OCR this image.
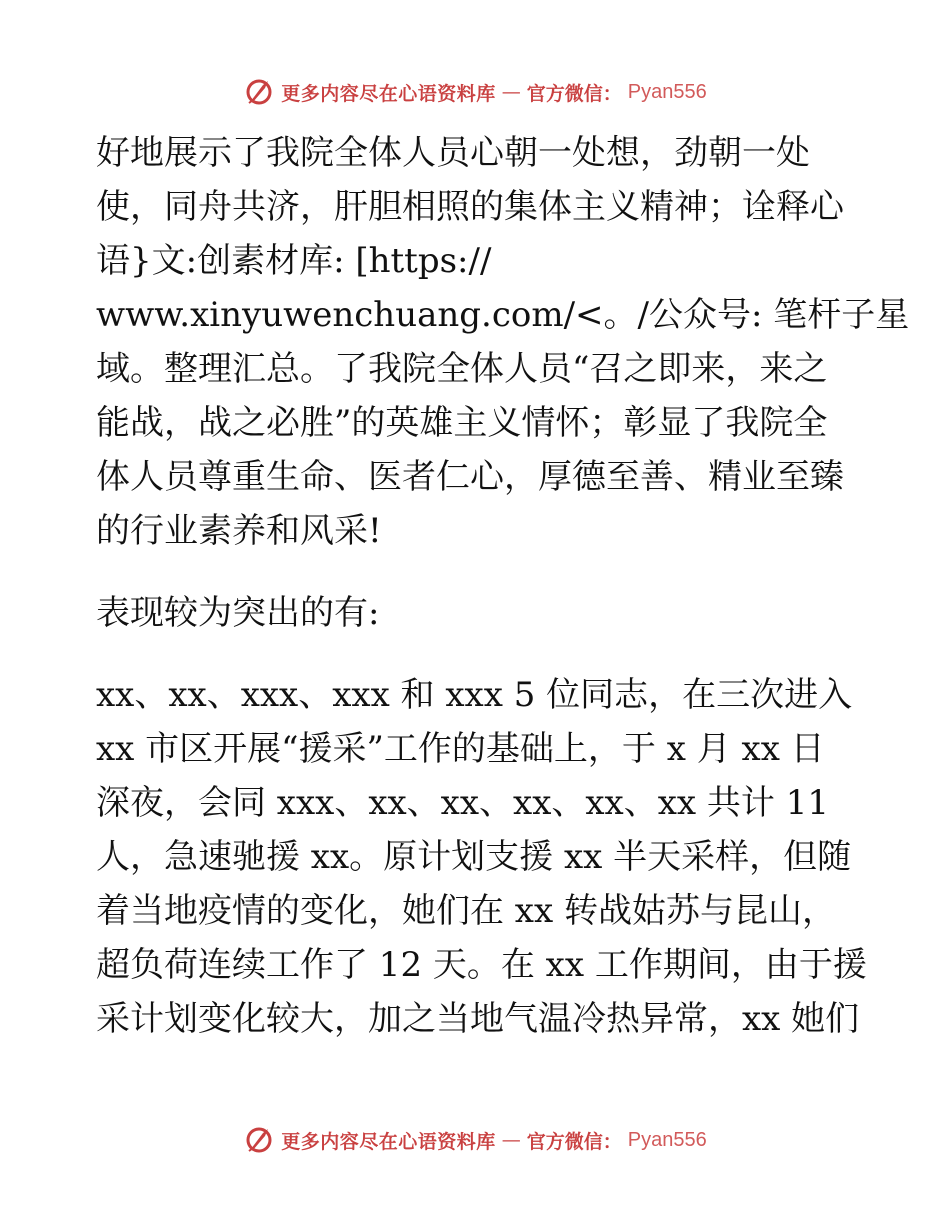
更多内容尽在心语资料库 — 官方微信： Pyan556
好地展示了我院全体人员心朝一处想，劲朝一处
使，同舟共济，肝胆相照的集体主义精神；诠释心
语}文:创素材库: [https://
www.xinyuwenchuang.com/<。/公众号: 笔杆子星
域。整理汇总。了我院全体人员“召之即来，来之
能战，战之必胜”的英雄主义情怀；彰显了我院全
体人员尊重生命、医者仁心，厚德至善、精业至臻
的行业素养和风采!
表现较为突出的有:
xx、xx、xxx、xxx 和 xxx 5 位同志，在三次进入
xx 市区开展“援采”工作的基础上，于 x 月 xx 日
深夜，会同 xxx、xx、xx、xx、xx、xx 共计 11
人，急速驰援 xx。原计划支援 xx 半天采样，但随
着当地疫情的变化，她们在 xx 转战姑苏与昆山，
超负荷连续工作了 12 天。在 xx 工作期间，由于援
采计划变化较大，加之当地气温冷热异常，xx 她们
更多内容尽在心语资料库 — 官方微信： Pyan556
